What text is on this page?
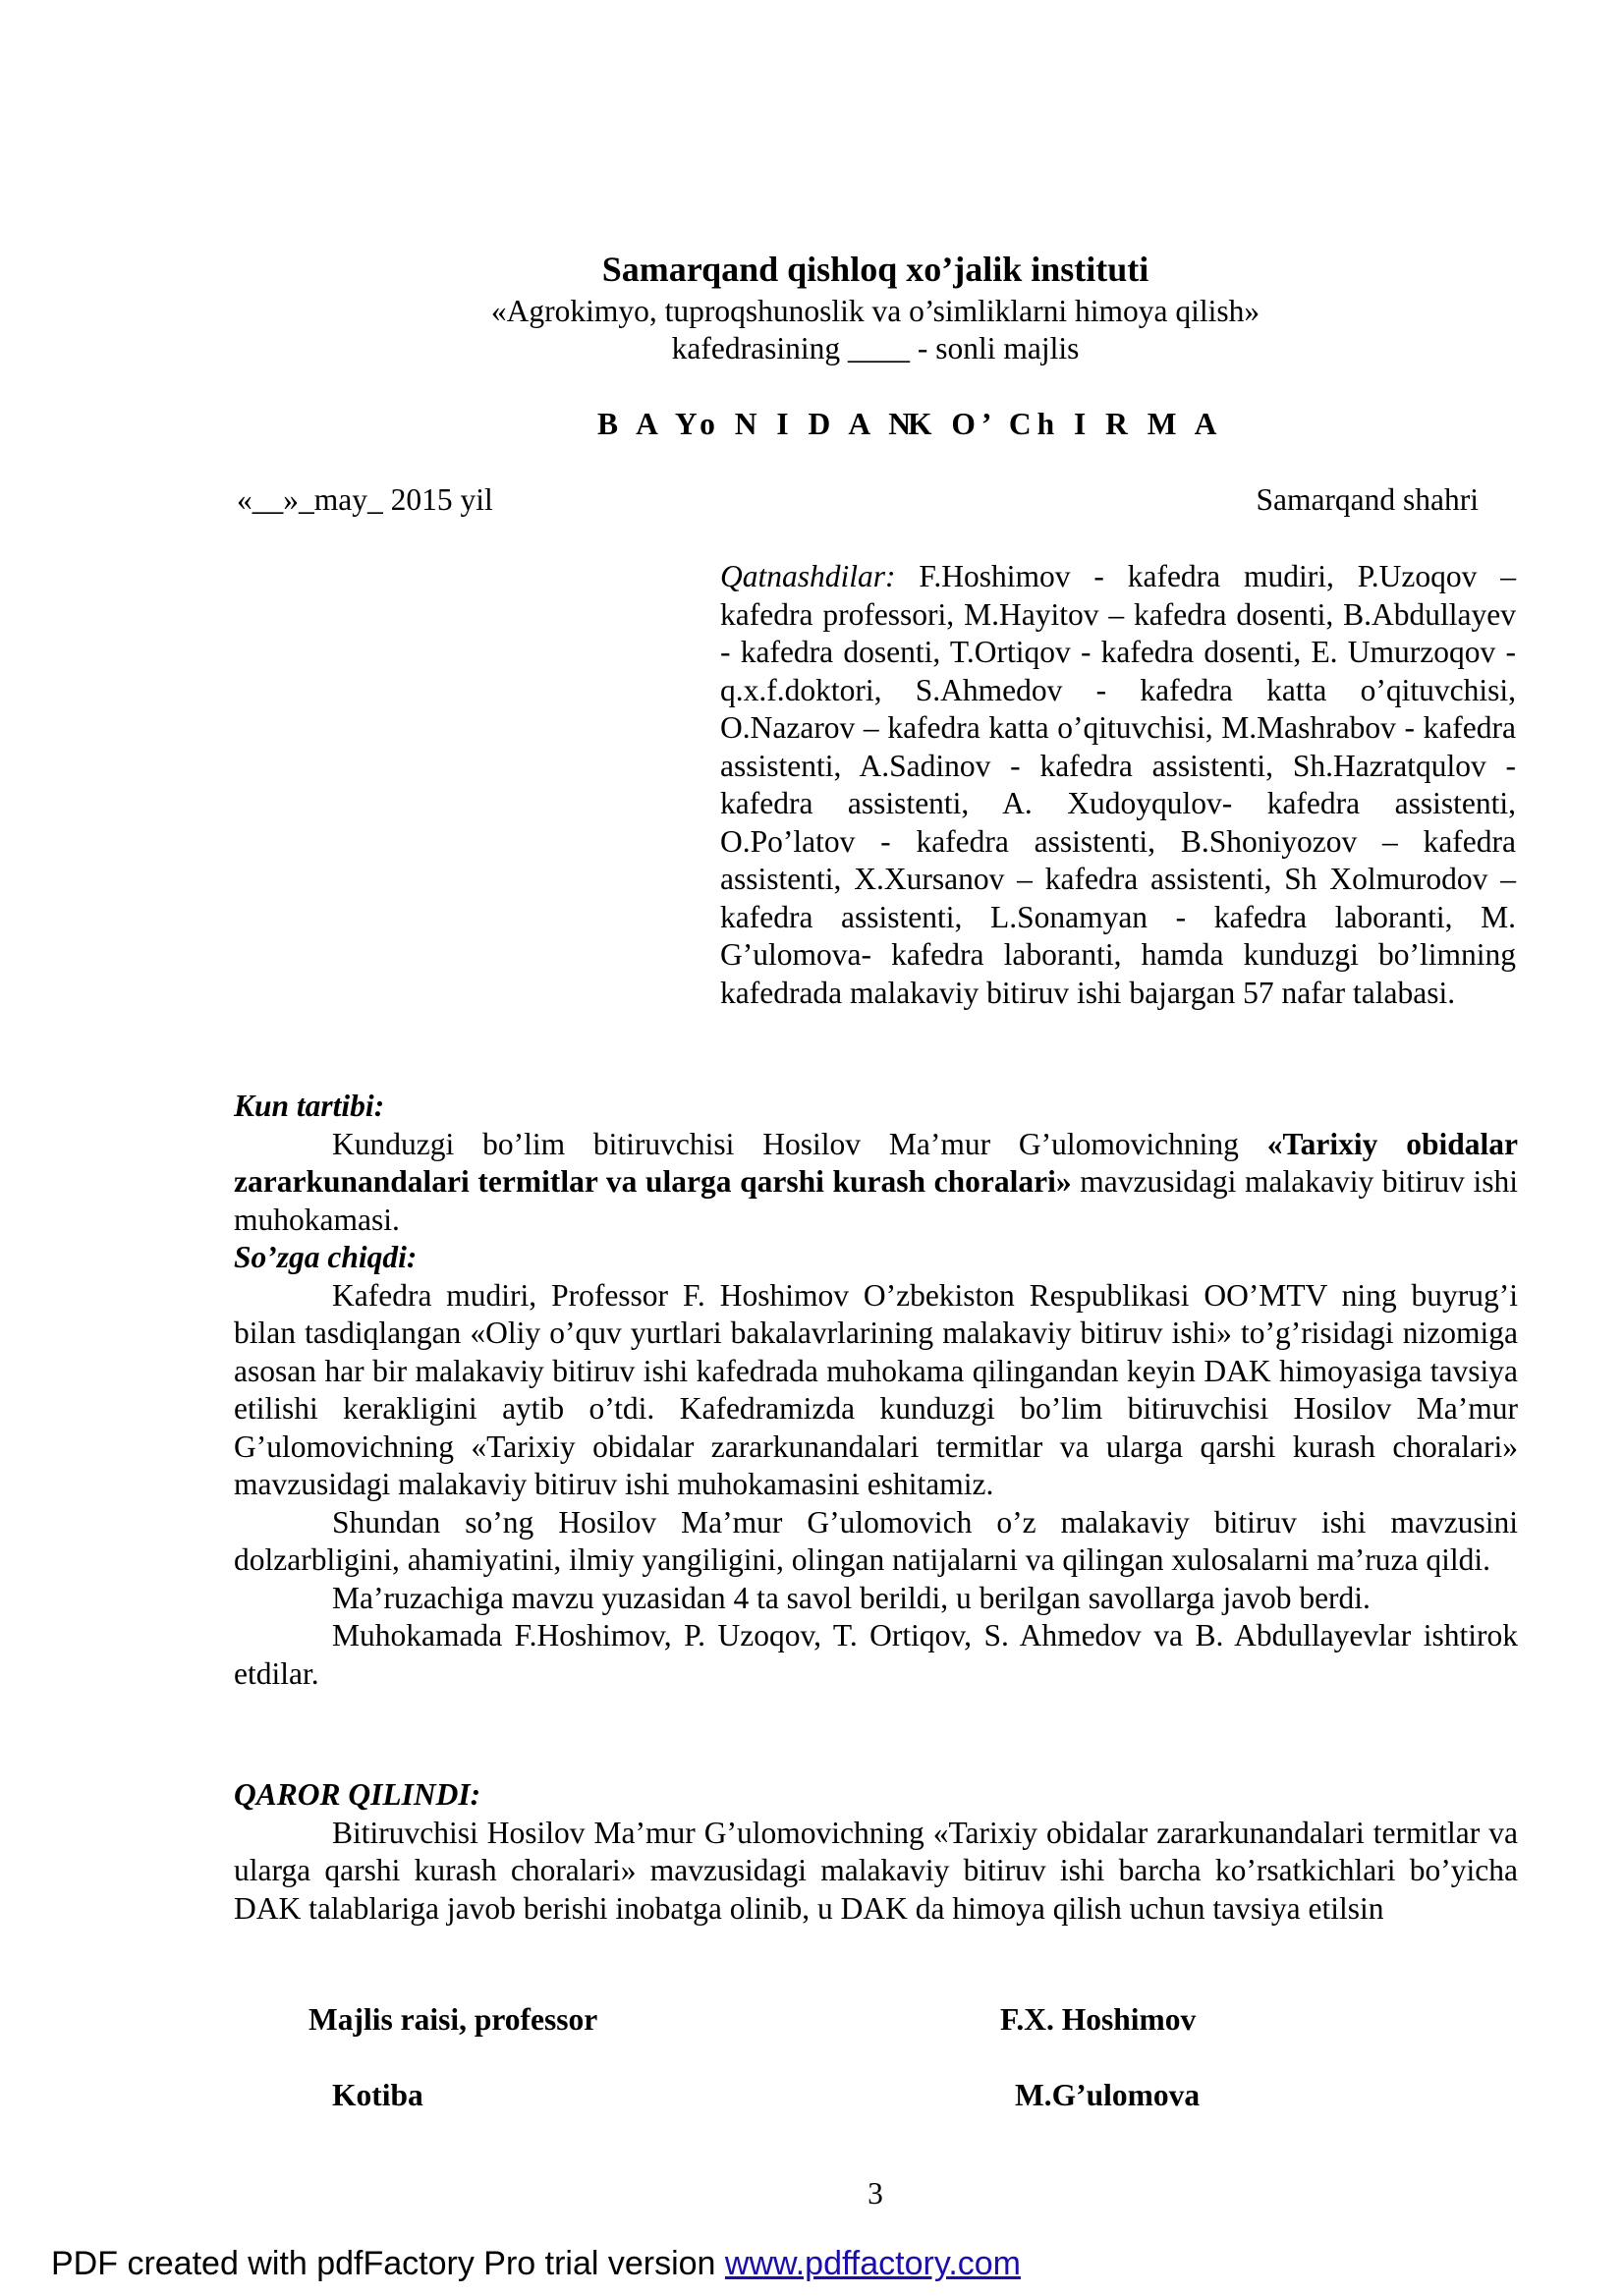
Samarqand qishloq xo’jalik instituti
«Agrokimyo, tuproqshunoslik va o’simliklarni himoya qilish»
kafedrasining ____ - sonli majlis
B A Yo N I D A N
K O’ Ch I R M A
«__»_may_ 2015 yil	Samarqand shahri

Qatnashdilar: F.Hoshimov - kafedra mudiri, P.Uzoqov – kafedra professori, M.Hayitov – kafedra dosenti, B.Abdullayev - kafedra dosenti, T.Ortiqov - kafedra dosenti, E. Umurzoqov - q.x.f.doktori, S.Ahmedov - kafedra katta o’qituvchisi, O.Nazarov – kafedra katta o’qituvchisi, M.Mashrabov - kafedra assistenti, A.Sadinov - kafedra assistenti, Sh.Hazratqulov - kafedra assistenti, A. Xudoyqulov- kafedra assistenti, O.Po’latov - kafedra assistenti, B.Shoniyozov – kafedra assistenti, X.Xursanov – kafedra assistenti, Sh Xolmurodov – kafedra assistenti, L.Sonamyan - kafedra laboranti, M. G’ulomova- kafedra laboranti, hamda kunduzgi bo’limning kafedrada malakaviy bitiruv ishi bajargan 57 nafar talabasi.

Kun tartibi:

Kunduzgi bo’lim bitiruvchisi Hosilov Ma’mur G’ulomovichning «Tarixiy obidalar zararkunandalari termitlar va ularga qarshi kurash choralari» mavzusidagi malakaviy bitiruv ishi muhokamasi.

So’zga chiqdi:

Kafedra mudiri, Professor F. Hoshimov O’zbekiston Respublikasi OO’MTV ning buyrug’i bilan tasdiqlangan «Oliy o’quv yurtlari bakalavrlarining malakaviy bitiruv ishi» to’g’risidagi nizomiga asosan har bir malakaviy bitiruv ishi kafedrada muhokama qilingandan keyin DAK himoyasiga tavsiya etilishi kerakligini aytib o’tdi. Kafedramizda kunduzgi bo’lim bitiruvchisi Hosilov Ma’mur G’ulomovichning «Tarixiy obidalar zararkunandalari termitlar va ularga qarshi kurash choralari» mavzusidagi malakaviy bitiruv ishi muhokamasini eshitamiz.

Shundan so’ng Hosilov Ma’mur G’ulomovich o’z malakaviy bitiruv ishi mavzusini dolzarbligini, ahamiyatini, ilmiy yangiligini, olingan natijalarni va qilingan xulosalarni ma’ruza qildi.

Ma’ruzachiga mavzu yuzasidan 4 ta savol berildi, u berilgan savollarga javob berdi.

Muhokamada F.Hoshimov, P. Uzoqov, T. Ortiqov, S. Ahmedov va B. Abdullayevlar ishtirok etdilar.

QAROR QILINDI:

Bitiruvchisi Hosilov Ma’mur G’ulomovichning «Tarixiy obidalar zararkunandalari termitlar va ularga qarshi kurash choralari» mavzusidagi malakaviy bitiruv ishi barcha ko’rsatkichlari bo’yicha DAK talablariga javob berishi inobatga olinib, u DAK da himoya qilish uchun tavsiya etilsin

Majlis raisi, professor	F.X. Hoshimov
Kotiba	M.G’ulomova
3
PDF created with pdfFactory Pro trial version www.pdffactory.com
